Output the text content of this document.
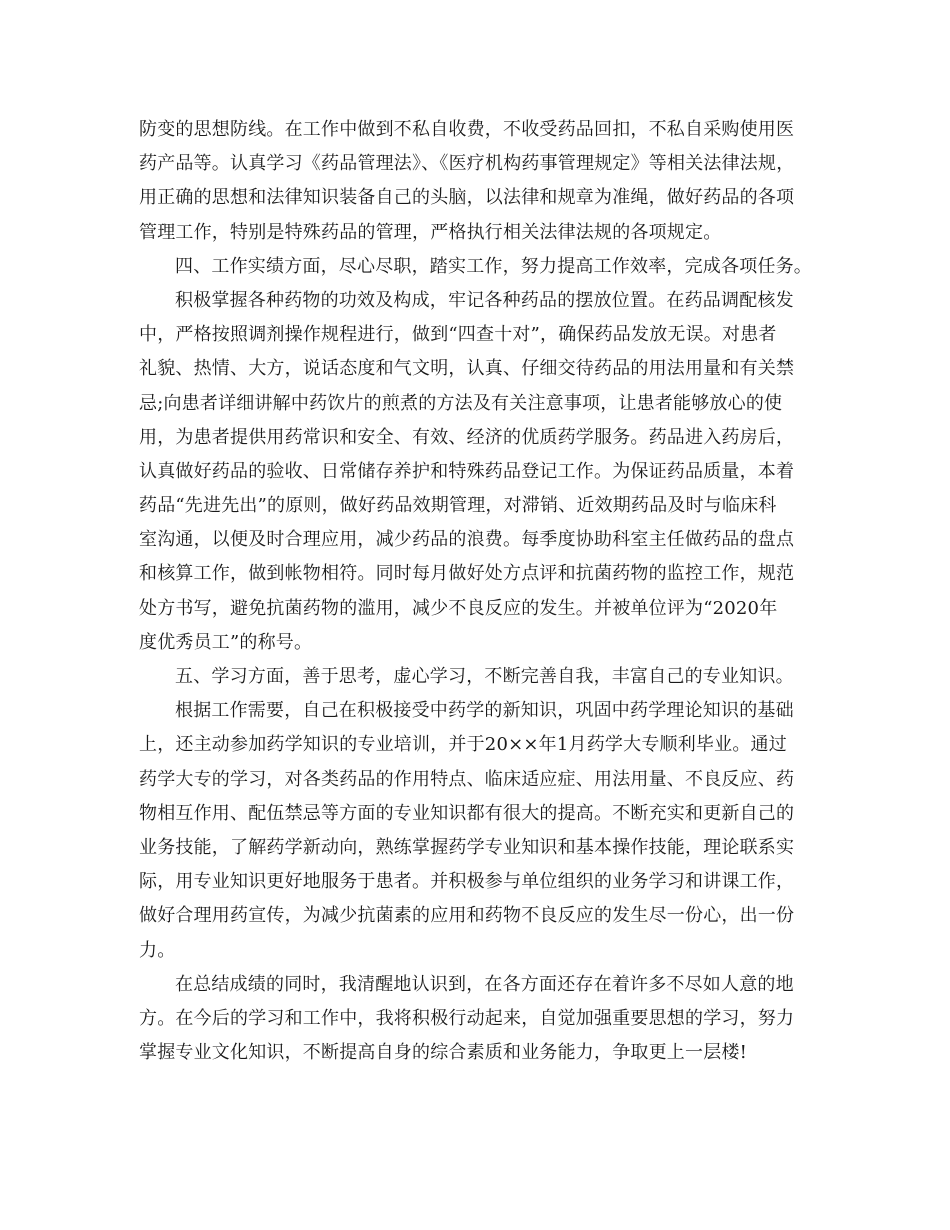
防变的思想防线。在工作中做到不私自收费，不收受药品回扣，不私自采购使用医
药产品等。认真学习《药品管理法》、《医疗机构药事管理规定》等相关法律法规，
用正确的思想和法律知识装备自己的头脑，以法律和规章为准绳，做好药品的各项
管理工作，特别是特殊药品的管理，严格执行相关法律法规的各项规定。
四、工作实绩方面，尽心尽职，踏实工作，努力提高工作效率，完成各项任务。
积极掌握各种药物的功效及构成，牢记各种药品的摆放位置。在药品调配核发
中，严格按照调剂操作规程进行，做到“四查十对”，确保药品发放无误。对患者
礼貌、热情、大方，说话态度和气文明，认真、仔细交待药品的用法用量和有关禁
忌;向患者详细讲解中药饮片的煎煮的方法及有关注意事项，让患者能够放心的使
用，为患者提供用药常识和安全、有效、经济的优质药学服务。药品进入药房后，
认真做好药品的验收、日常储存养护和特殊药品登记工作。为保证药品质量，本着
药品“先进先出”的原则，做好药品效期管理，对滞销、近效期药品及时与临床科
室沟通，以便及时合理应用，减少药品的浪费。每季度协助科室主任做药品的盘点
和核算工作，做到帐物相符。同时每月做好处方点评和抗菌药物的监控工作，规范
处方书写，避免抗菌药物的滥用，减少不良反应的发生。并被单位评为“2020年
度优秀员工”的称号。
五、学习方面，善于思考，虚心学习，不断完善自我，丰富自己的专业知识。
根据工作需要，自己在积极接受中药学的新知识，巩固中药学理论知识的基础
上，还主动参加药学知识的专业培训，并于20××年1月药学大专顺利毕业。通过
药学大专的学习，对各类药品的作用特点、临床适应症、用法用量、不良反应、药
物相互作用、配伍禁忌等方面的专业知识都有很大的提高。不断充实和更新自己的
业务技能，了解药学新动向，熟练掌握药学专业知识和基本操作技能，理论联系实
际，用专业知识更好地服务于患者。并积极参与单位组织的业务学习和讲课工作，
做好合理用药宣传，为减少抗菌素的应用和药物不良反应的发生尽一份心，出一份
力。
在总结成绩的同时，我清醒地认识到，在各方面还存在着许多不尽如人意的地
方。在今后的学习和工作中，我将积极行动起来，自觉加强重要思想的学习，努力
掌握专业文化知识，不断提高自身的综合素质和业务能力，争取更上一层楼!
